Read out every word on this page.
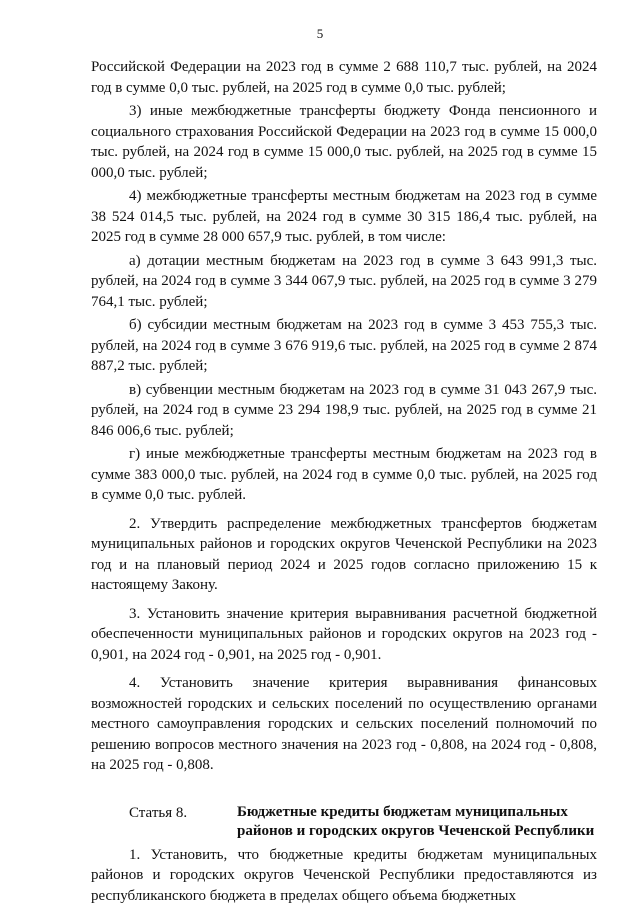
5

Российской Федерации на 2023 год в сумме 2 688 110,7 тыс. рублей, на 2024 год в сумме 0,0 тыс. рублей, на 2025 год в сумме 0,0 тыс. рублей;

3) иные межбюджетные трансферты бюджету Фонда пенсионного и социального страхования Российской Федерации на 2023 год в сумме 15 000,0 тыс. рублей, на 2024 год в сумме 15 000,0 тыс. рублей, на 2025 год в сумме 15 000,0 тыс. рублей;

4) межбюджетные трансферты местным бюджетам на 2023 год в сумме 38 524 014,5 тыс. рублей, на 2024 год в сумме 30 315 186,4 тыс. рублей, на 2025 год в сумме 28 000 657,9 тыс. рублей, в том числе:

а) дотации местным бюджетам на 2023 год в сумме 3 643 991,3 тыс. рублей, на 2024 год в сумме 3 344 067,9 тыс. рублей, на 2025 год в сумме 3 279 764,1 тыс. рублей;

б) субсидии местным бюджетам на 2023 год в сумме 3 453 755,3 тыс. рублей, на 2024 год в сумме 3 676 919,6 тыс. рублей, на 2025 год в сумме 2 874 887,2 тыс. рублей;

в) субвенции местным бюджетам на 2023 год в сумме 31 043 267,9 тыс. рублей, на 2024 год в сумме 23 294 198,9 тыс. рублей, на 2025 год в сумме 21 846 006,6 тыс. рублей;

г) иные межбюджетные трансферты местным бюджетам на 2023 год в сумме 383 000,0 тыс. рублей, на 2024 год в сумме 0,0 тыс. рублей, на 2025 год в сумме 0,0 тыс. рублей.

2. Утвердить распределение межбюджетных трансфертов бюджетам муниципальных районов и городских округов Чеченской Республики на 2023 год и на плановый период 2024 и 2025 годов согласно приложению 15 к настоящему Закону.

3. Установить значение критерия выравнивания расчетной бюджетной обеспеченности муниципальных районов и городских округов на 2023 год - 0,901, на 2024 год - 0,901, на 2025 год - 0,901.

4. Установить значение критерия выравнивания финансовых возможностей городских и сельских поселений по осуществлению органами местного самоуправления городских и сельских поселений полномочий по решению вопросов местного значения на 2023 год - 0,808, на 2024 год - 0,808, на 2025 год - 0,808.

Статья 8.	Бюджетные кредиты бюджетам муниципальных районов и городских округов Чеченской Республики

1. Установить, что бюджетные кредиты бюджетам муниципальных районов и городских округов Чеченской Республики предоставляются из республиканского бюджета в пределах общего объема бюджетных
